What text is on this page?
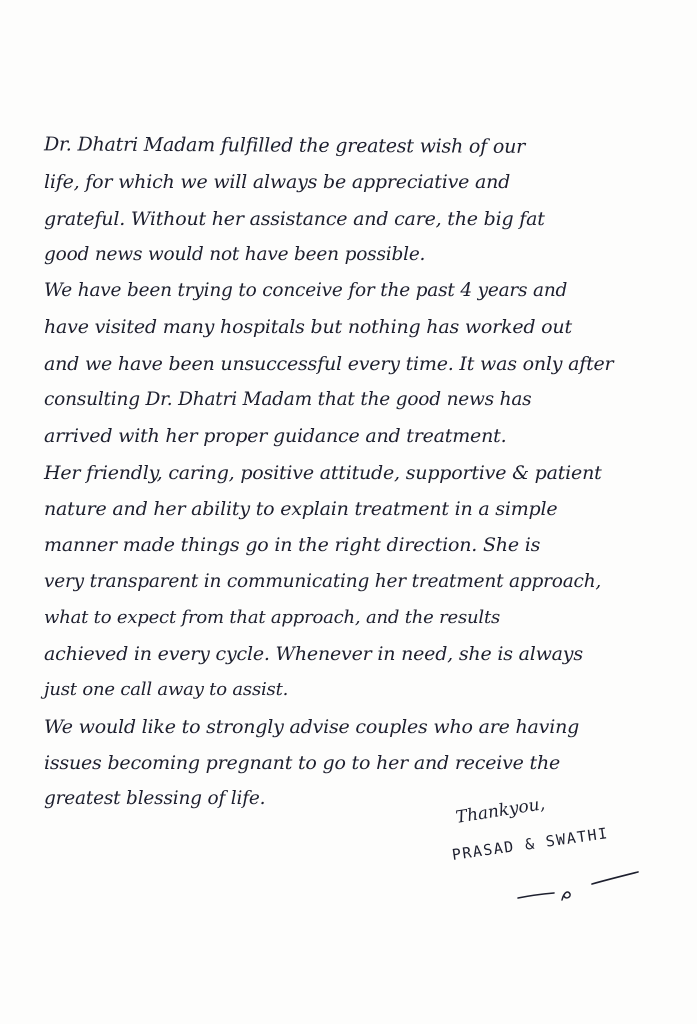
Dr. Dhatri Madam fulfilled the greatest wish of our
life, for which we will always be appreciative and
grateful. Without her assistance and care, the big fat
good news would not have been possible.
We have been trying to conceive for the past 4 years and
have visited many hospitals but nothing has worked out
and we have been unsuccessful every time. It was only after
consulting Dr. Dhatri Madam that the good news has
arrived with her proper guidance and treatment.
Her friendly, caring, positive attitude, supportive & patient
nature and her ability to explain treatment in a simple
manner made things go in the right direction. She is
very transparent in communicating her treatment approach,
what to expect from that approach, and the results
achieved in every cycle. Whenever in need, she is always
just one call away to assist.
We would like to strongly advise couples who are having
issues becoming pregnant to go to her and receive the
greatest blessing of life.	Thankyou,
PRASAD & SWATHI
